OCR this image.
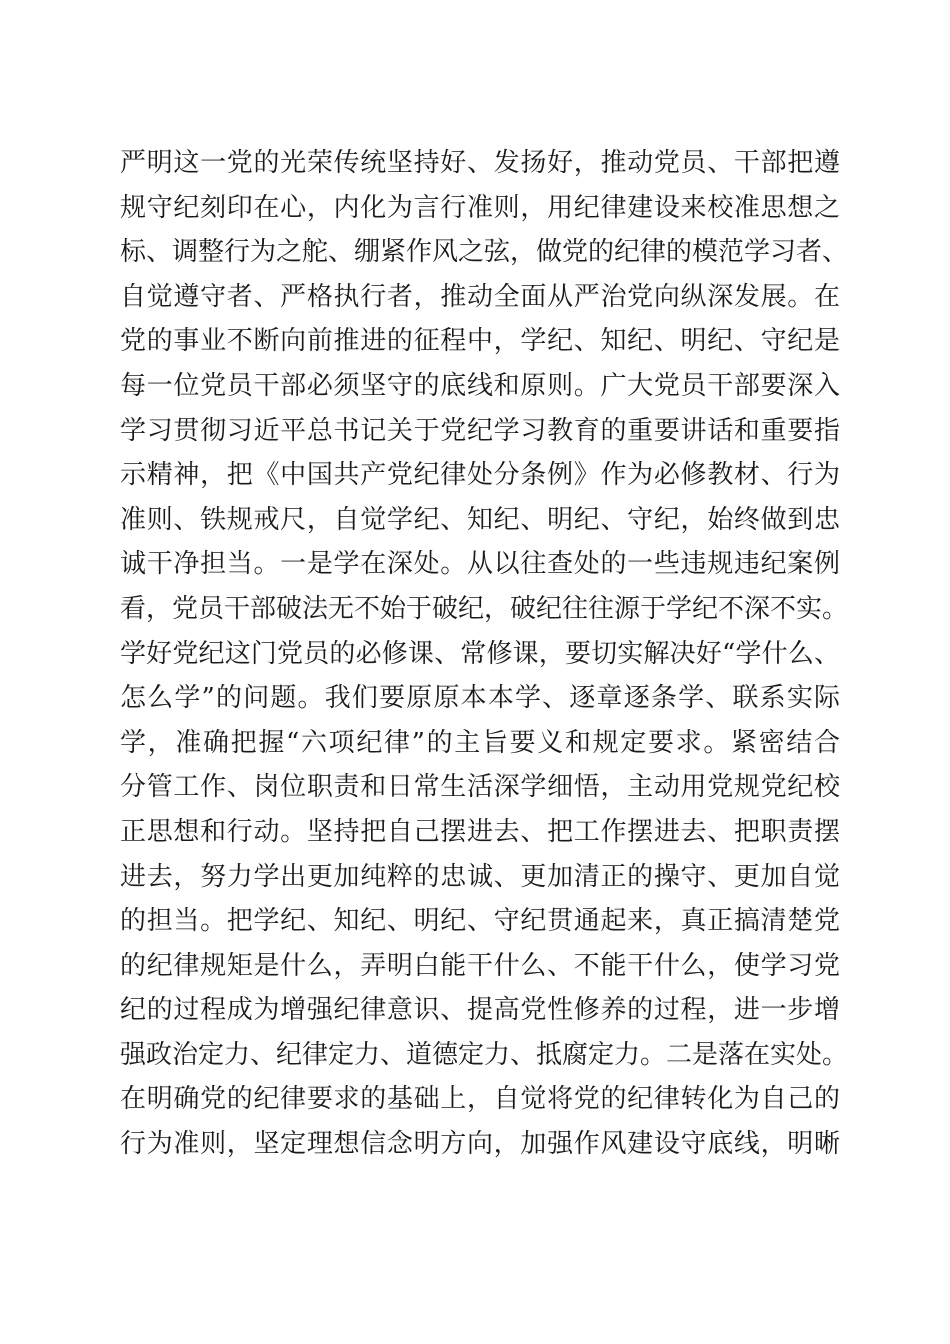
严明这一党的光荣传统坚持好、发扬好，推动党员、干部把遵
规守纪刻印在心，内化为言行准则，用纪律建设来校准思想之
标、调整行为之舵、绷紧作风之弦，做党的纪律的模范学习者、
自觉遵守者、严格执行者，推动全面从严治党向纵深发展。在
党的事业不断向前推进的征程中，学纪、知纪、明纪、守纪是
每一位党员干部必须坚守的底线和原则。广大党员干部要深入
学习贯彻习近平总书记关于党纪学习教育的重要讲话和重要指
示精神，把《中国共产党纪律处分条例》作为必修教材、行为
准则、铁规戒尺，自觉学纪、知纪、明纪、守纪，始终做到忠
诚干净担当。一是学在深处。从以往查处的一些违规违纪案例
看，党员干部破法无不始于破纪，破纪往往源于学纪不深不实。
学好党纪这门党员的必修课、常修课，要切实解决好“学什么、
怎么学”的问题。我们要原原本本学、逐章逐条学、联系实际
学，准确把握“六项纪律”的主旨要义和规定要求。紧密结合
分管工作、岗位职责和日常生活深学细悟，主动用党规党纪校
正思想和行动。坚持把自己摆进去、把工作摆进去、把职责摆
进去，努力学出更加纯粹的忠诚、更加清正的操守、更加自觉
的担当。把学纪、知纪、明纪、守纪贯通起来，真正搞清楚党
的纪律规矩是什么，弄明白能干什么、不能干什么，使学习党
纪的过程成为增强纪律意识、提高党性修养的过程，进一步增
强政治定力、纪律定力、道德定力、抵腐定力。二是落在实处。
在明确党的纪律要求的基础上，自觉将党的纪律转化为自己的
行为准则，坚定理想信念明方向，加强作风建设守底线，明晰
